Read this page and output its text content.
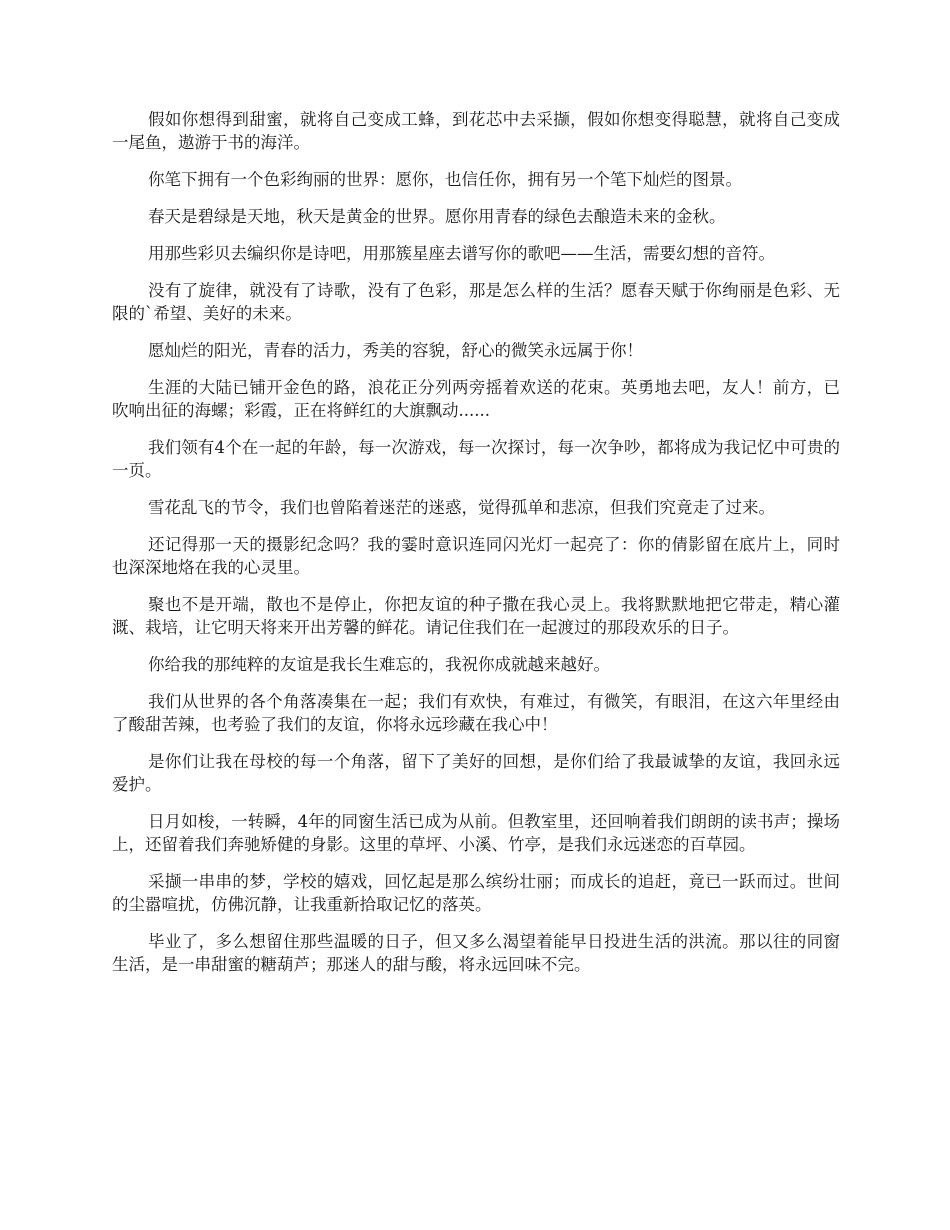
假如你想得到甜蜜，就将自己变成工蜂，到花芯中去采撷，假如你想变得聪慧，就将自己变成一尾鱼，遨游于书的海洋。

你笔下拥有一个色彩绚丽的世界：愿你，也信任你，拥有另一个笔下灿烂的图景。

春天是碧绿是天地，秋天是黄金的世界。愿你用青春的绿色去酿造未来的金秋。

用那些彩贝去编织你是诗吧，用那簇星座去谱写你的歌吧——生活，需要幻想的音符。

没有了旋律，就没有了诗歌，没有了色彩，那是怎么样的生活？愿春天赋于你绚丽是色彩、无限的`希望、美好的未来。

愿灿烂的阳光，青春的活力，秀美的容貌，舒心的微笑永远属于你！

生涯的大陆已铺开金色的路，浪花正分列两旁摇着欢送的花束。英勇地去吧，友人！前方，已吹响出征的海螺；彩霞，正在将鲜红的大旗飘动......

我们领有4个在一起的年龄，每一次游戏，每一次探讨，每一次争吵，都将成为我记忆中可贵的一页。

雪花乱飞的节令，我们也曾陷着迷茫的迷惑，觉得孤单和悲凉，但我们究竟走了过来。

还记得那一天的摄影纪念吗？我的霎时意识连同闪光灯一起亮了：你的倩影留在底片上，同时也深深地烙在我的心灵里。

聚也不是开端，散也不是停止，你把友谊的种子撒在我心灵上。我将默默地把它带走，精心灌溉、栽培，让它明天将来开出芳馨的鲜花。请记住我们在一起渡过的那段欢乐的日子。

你给我的那纯粹的友谊是我长生难忘的，我祝你成就越来越好。

我们从世界的各个角落凑集在一起；我们有欢快，有难过，有微笑，有眼泪，在这六年里经由了酸甜苦辣，也考验了我们的友谊，你将永远珍藏在我心中！

是你们让我在母校的每一个角落，留下了美好的回想，是你们给了我最诚挚的友谊，我回永远爱护。

日月如梭，一转瞬，4年的同窗生活已成为从前。但教室里，还回响着我们朗朗的读书声；操场上，还留着我们奔驰矫健的身影。这里的草坪、小溪、竹亭，是我们永远迷恋的百草园。

采撷一串串的梦，学校的嬉戏，回忆起是那么缤纷壮丽；而成长的追赶，竟已一跃而过。世间的尘嚣喧扰，仿佛沉静，让我重新拾取记忆的落英。

毕业了，多么想留住那些温暖的日子，但又多么渴望着能早日投进生活的洪流。那以往的同窗生活，是一串甜蜜的糖葫芦；那迷人的甜与酸，将永远回味不完。
